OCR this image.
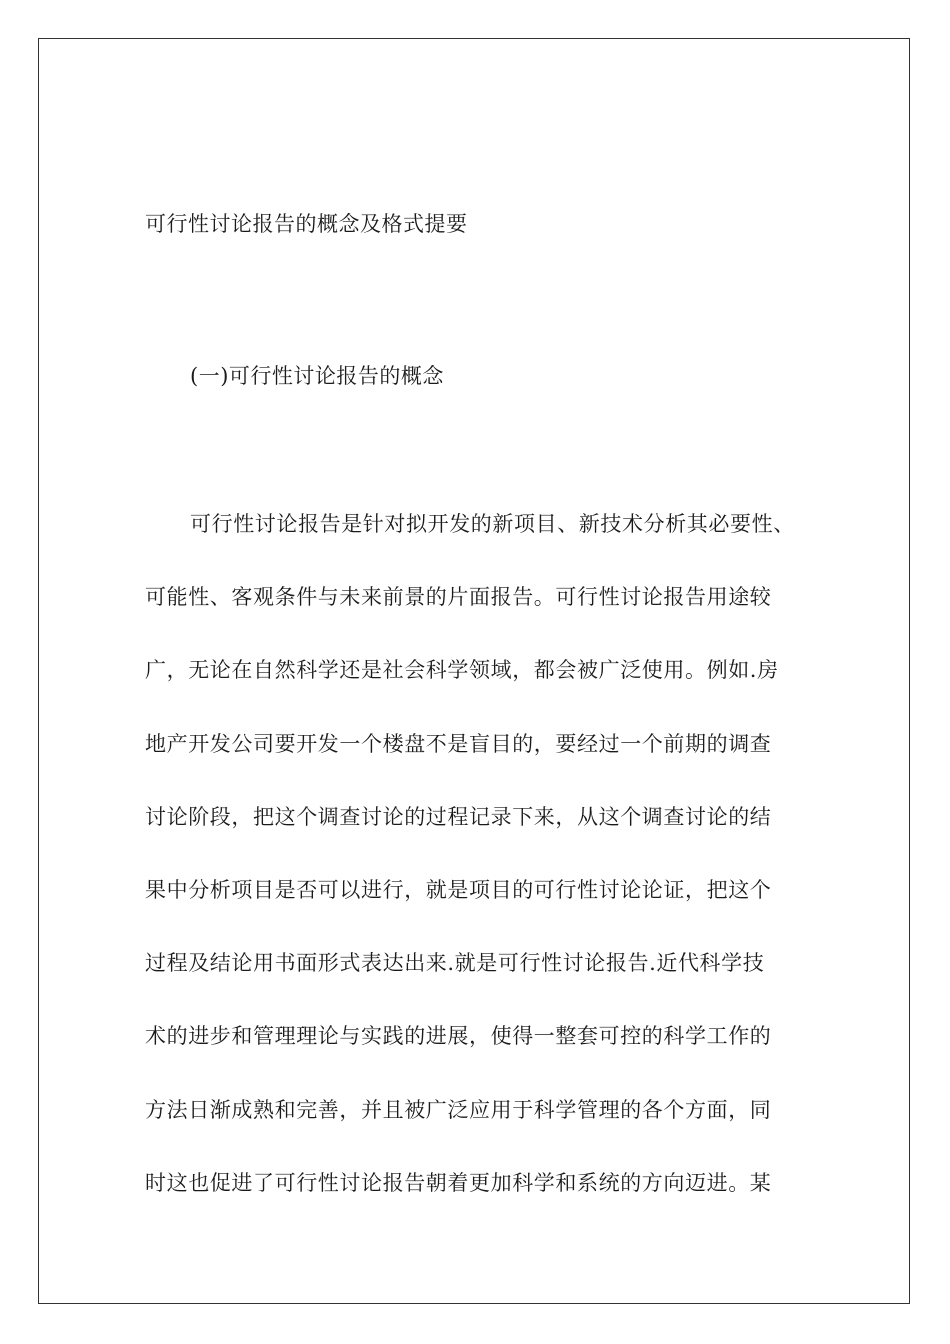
可行性讨论报告的概念及格式提要
(一)可行性讨论报告的概念
可行性讨论报告是针对拟开发的新项目、新技术分析其必要性、
可能性、客观条件与未来前景的片面报告。可行性讨论报告用途较
广，无论在自然科学还是社会科学领域，都会被广泛使用。例如.房
地产开发公司要开发一个楼盘不是盲目的，要经过一个前期的调查
讨论阶段，把这个调查讨论的过程记录下来，从这个调查讨论的结
果中分析项目是否可以进行，就是项目的可行性讨论论证，把这个
过程及结论用书面形式表达出来.就是可行性讨论报告.近代科学技
术的进步和管理理论与实践的进展，使得一整套可控的科学工作的
方法日渐成熟和完善，并且被广泛应用于科学管理的各个方面，同
时这也促进了可行性讨论报告朝着更加科学和系统的方向迈进。某
